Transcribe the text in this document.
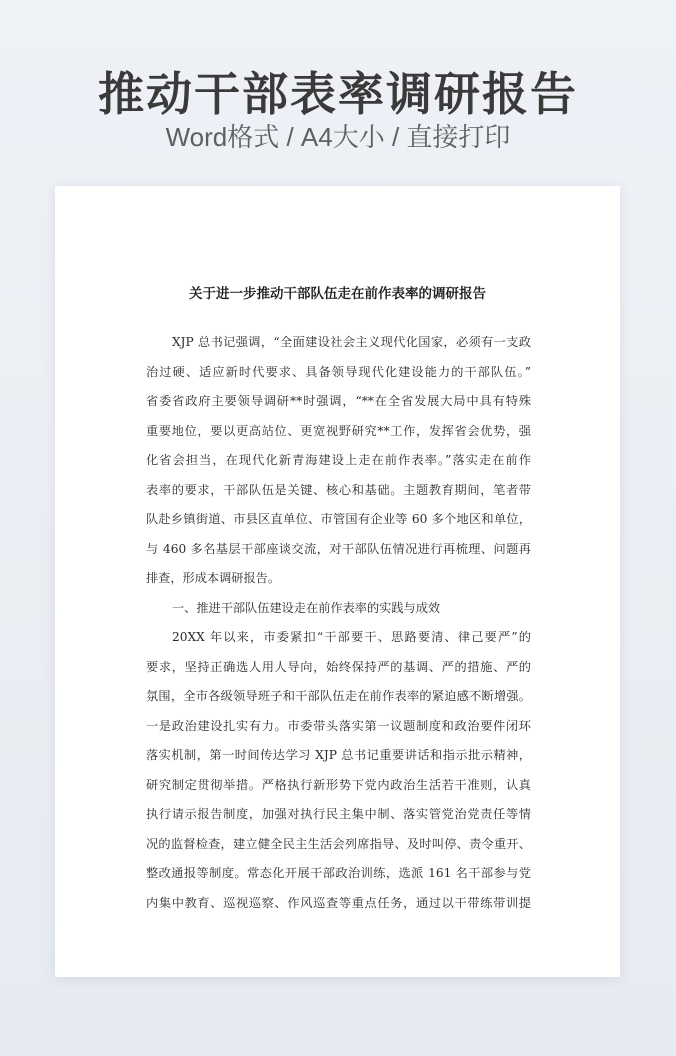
推动干部表率调研报告
Word格式 / A4大小 / 直接打印
关于进一步推动干部队伍走在前作表率的调研报告
XJP 总书记强调，“全面建设社会主义现代化国家，必须有一支政
治过硬、适应新时代要求、具备领导现代化建设能力的干部队伍。”
省委省政府主要领导调研**时强调，“**在全省发展大局中具有特殊
重要地位，要以更高站位、更宽视野研究**工作，发挥省会优势，强
化省会担当，在现代化新青海建设上走在前作表率。”落实走在前作
表率的要求，干部队伍是关键、核心和基础。主题教育期间，笔者带
队赴乡镇街道、市县区直单位、市管国有企业等 60 多个地区和单位，
与 460 多名基层干部座谈交流，对干部队伍情况进行再梳理、问题再
排查，形成本调研报告。
一、推进干部队伍建设走在前作表率的实践与成效
20XX 年以来，市委紧扣“干部要干、思路要清、律己要严”的
要求，坚持正确选人用人导向，始终保持严的基调、严的措施、严的
氛围，全市各级领导班子和干部队伍走在前作表率的紧迫感不断增强。
一是政治建设扎实有力。市委带头落实第一议题制度和政治要件闭环
落实机制，第一时间传达学习 XJP 总书记重要讲话和指示批示精神，
研究制定贯彻举措。严格执行新形势下党内政治生活若干准则，认真
执行请示报告制度，加强对执行民主集中制、落实管党治党责任等情
况的监督检查，建立健全民主生活会列席指导、及时叫停、责令重开、
整改通报等制度。常态化开展干部政治训练，选派 161 名干部参与党
内集中教育、巡视巡察、作风巡查等重点任务，通过以干带练带训提
